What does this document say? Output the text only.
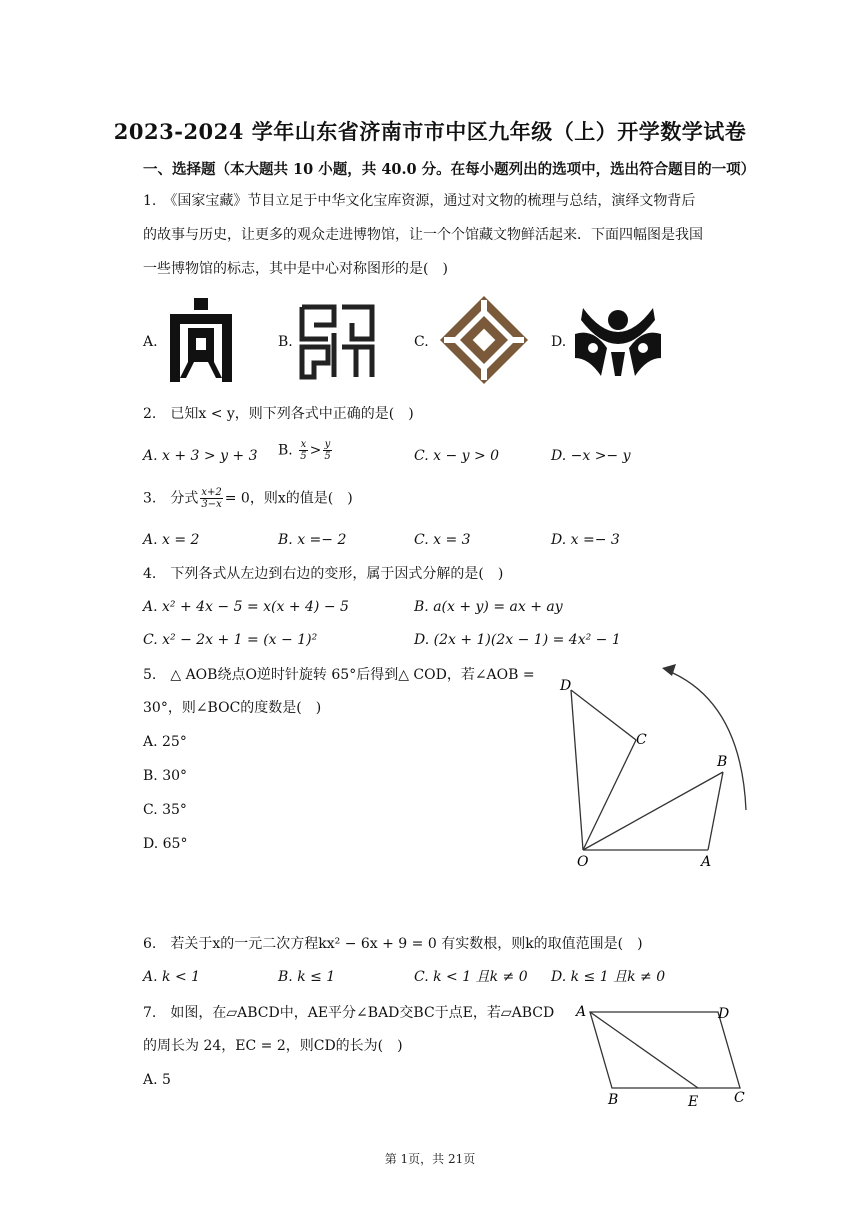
2023-2024 学年山东省济南市市中区九年级（上）开学数学试卷
一、选择题（本大题共 10 小题，共 40.0 分。在每小题列出的选项中，选出符合题目的一项）
1.　《国家宝藏》节目立足于中华文化宝库资源，通过对文物的梳理与总结，演绎文物背后
的故事与历史，让更多的观众走进博物馆，让一个个馆藏文物鲜活起来．下面四幅图是我国
一些博物馆的标志，其中是中心对称图形的是(　)
A.	B.	C.	D.
2.　已知x < y，则下列各式中正确的是(　)
A. x + 3 > y + 3 B. $\frac{x}{5} > \frac{y}{5}$	C. x − y > 0	D. −x >− y
3.　分式 $\frac{x+2}{3-x} = 0$，则x的值是(　)
A. x = 2	B. x =− 2	C. x = 3	D. x =− 3
4.　下列各式从左边到右边的变形，属于因式分解的是(　)
A. x² + 4x − 5 = x(x + 4) − 5	B. a(x + y) = ax + ay
C. x² − 2x + 1 = (x − 1)²	D. (2x + 1)(2x − 1) = 4x² − 1
5.　△ AOB绕点O逆时针旋转 65°后得到△ COD，若∠AOB =
30°，则∠BOC的度数是(　)
A. 25°
B. 30°
C. 35°
D. 65°
D
C
B
O	A
6.　若关于x的一元二次方程kx² − 6x + 9 = 0 有实数根，则k的取值范围是(　)
A. k < 1	B. k ≤ 1	C. k < 1 且k ≠ 0 D. k ≤ 1 且k ≠ 0
7.　如图，在▱ABCD中，AE平分∠BAD交BC于点E，若▱ABCD
的周长为 24，EC = 2，则CD的长为(　)
A. 5
A	D
B	E	C
第 1页，共 21页
